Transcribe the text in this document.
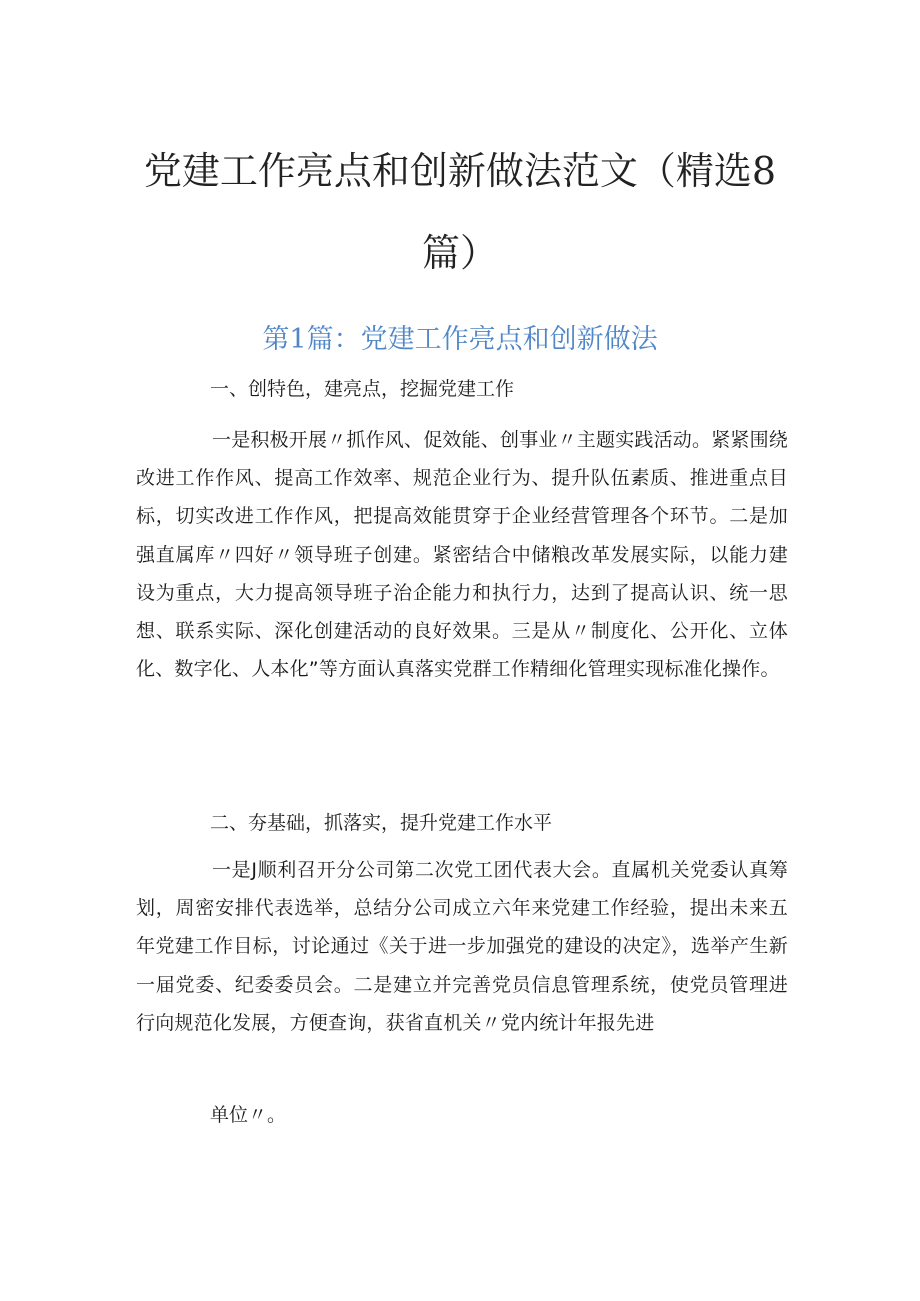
党建工作亮点和创新做法范文（精选8
篇）
第1篇：党建工作亮点和创新做法

一、创特色，建亮点，挖掘党建工作

一是积极开展〃抓作风、促效能、创事业〃主题实践活动。紧紧围绕改进工作作风、提高工作效率、规范企业行为、提升队伍素质、推进重点目标，切实改进工作作风，把提高效能贯穿于企业经营管理各个环节。二是加强直属库〃四好〃领导班子创建。紧密结合中储粮改革发展实际，以能力建设为重点，大力提高领导班子治企能力和执行力，达到了提高认识、统一思想、联系实际、深化创建活动的良好效果。三是从〃制度化、公开化、立体化、数字化、人本化”等方面认真落实党群工作精细化管理实现标准化操作。

二、夯基础，抓落实，提升党建工作水平

一是J顺利召开分公司第二次党工团代表大会。直属机关党委认真筹划，周密安排代表选举，总结分公司成立六年来党建工作经验，提出未来五年党建工作目标，讨论通过《关于进一步加强党的建设的决定》，选举产生新一届党委、纪委委员会。二是建立并完善党员信息管理系统，使党员管理进行向规范化发展，方便查询，获省直机关〃党内统计年报先进

单位〃。
